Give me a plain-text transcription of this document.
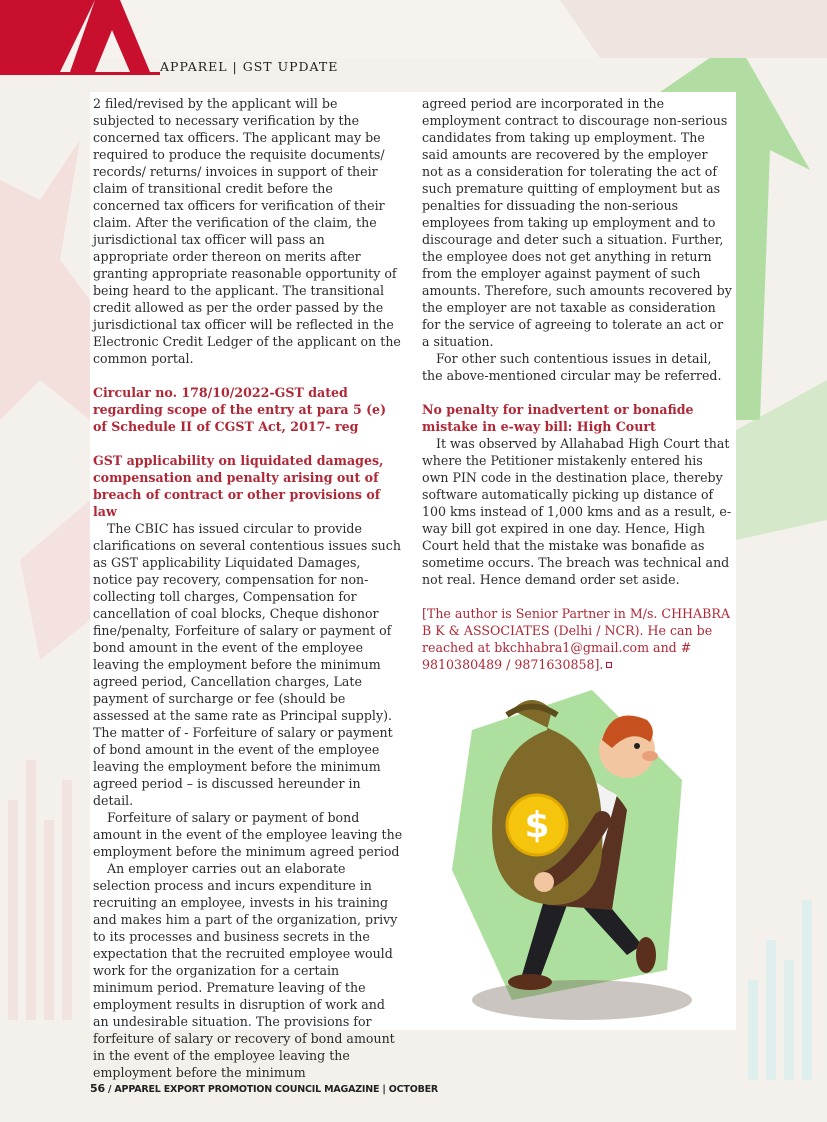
APPAREL | GST UPDATE

2 filed/revised by the applicant will be subjected to necessary verification by the concerned tax officers. The applicant may be required to produce the requisite documents/ records/ returns/ invoices in support of their claim of transitional credit before the concerned tax officers for verification of their claim. After the verification of the claim, the jurisdictional tax officer will pass an appropriate order thereon on merits after granting appropriate reasonable opportunity of being heard to the applicant. The transitional credit allowed as per the order passed by the jurisdictional tax officer will be reflected in the Electronic Credit Ledger of the applicant on the common portal.

Circular no. 178/10/2022-GST dated regarding scope of the entry at para 5 (e) of Schedule II of CGST Act, 2017- reg
GST applicability on liquidated damages, compensation and penalty arising out of breach of contract or other provisions of law

The CBIC has issued circular to provide clarifications on several contentious issues such as GST applicability Liquidated Damages, notice pay recovery, compensation for non-collecting toll charges, Compensation for cancellation of coal blocks, Cheque dishonor fine/penalty, Forfeiture of salary or payment of bond amount in the event of the employee leaving the employment before the minimum agreed period, Cancellation charges, Late payment of surcharge or fee (should be assessed at the same rate as Principal supply). The matter of - Forfeiture of salary or payment of bond amount in the event of the employee leaving the employment before the minimum agreed period – is discussed hereunder in detail.

Forfeiture of salary or payment of bond amount in the event of the employee leaving the employment before the minimum agreed period

An employer carries out an elaborate selection process and incurs expenditure in recruiting an employee, invests in his training and makes him a part of the organization, privy to its processes and business secrets in the expectation that the recruited employee would work for the organization for a certain minimum period. Premature leaving of the employment results in disruption of work and an undesirable situation. The provisions for forfeiture of salary or recovery of bond amount in the event of the employee leaving the employment before the minimum

agreed period are incorporated in the employment contract to discourage non-serious candidates from taking up employment. The said amounts are recovered by the employer not as a consideration for tolerating the act of such premature quitting of employment but as penalties for dissuading the non-serious employees from taking up employment and to discourage and deter such a situation. Further, the employee does not get anything in return from the employer against payment of such amounts. Therefore, such amounts recovered by the employer are not taxable as consideration for the service of agreeing to tolerate an act or a situation.

For other such contentious issues in detail, the above-mentioned circular may be referred.

No penalty for inadvertent or bonafide mistake in e-way bill: High Court

It was observed by Allahabad High Court that where the Petitioner mistakenly entered his own PIN code in the destination place, thereby software automatically picking up distance of 100 kms instead of 1,000 kms and as a result, e-way bill got expired in one day. Hence, High Court held that the mistake was bonafide as sometime occurs. The breach was technical and not real. Hence demand order set aside.

[The author is Senior Partner in M/s. CHHABRA B K & ASSOCIATES (Delhi / NCR). He can be reached at bkchhabra1@gmail.com and # 9810380489 / 9871630858].

$
56 / APPAREL EXPORT PROMOTION COUNCIL MAGAZINE | OCTOBER
